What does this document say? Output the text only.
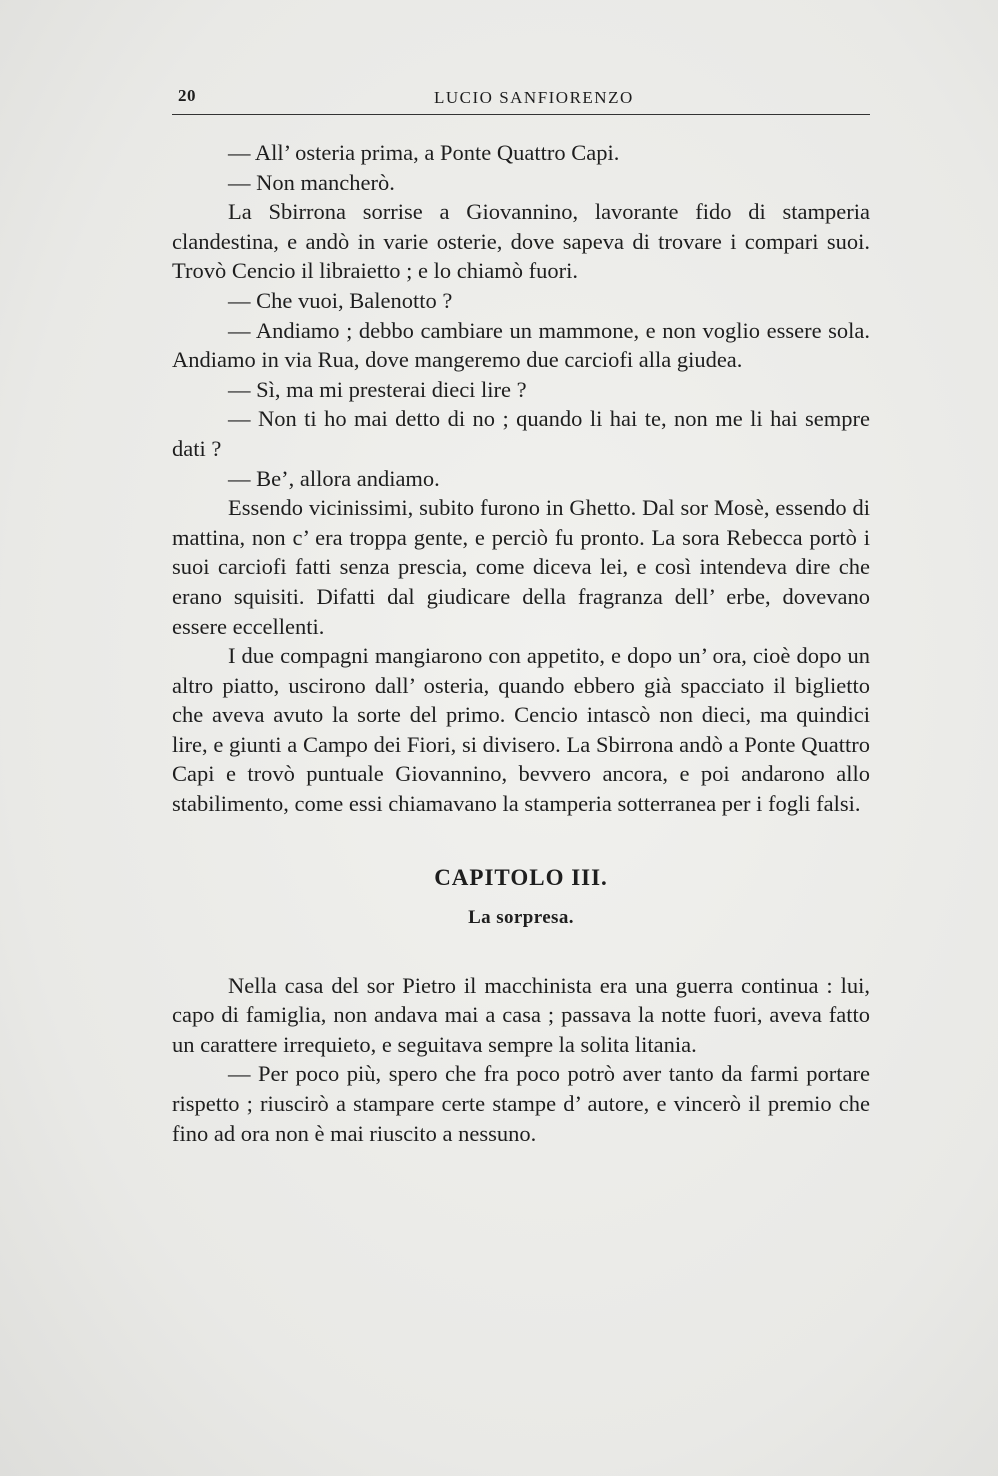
20	LUCIO SANFIORENZO

— All’ osteria prima, a Ponte Quattro Capi.

— Non mancherò.

La Sbirrona sorrise a Giovannino, lavorante fido di stamperia clandestina, e andò in varie osterie, dove sapeva di trovare i compari suoi. Trovò Cencio il libraietto ; e lo chiamò fuori.

— Che vuoi, Balenotto ?

— Andiamo ; debbo cambiare un mammone, e non voglio essere sola. Andiamo in via Rua, dove mangeremo due carciofi alla giudea.

— Sì, ma mi presterai dieci lire ?

— Non ti ho mai detto di no ; quando li hai te, non me li hai sempre dati ?

— Be’, allora andiamo.

Essendo vicinissimi, subito furono in Ghetto. Dal sor Mosè, essendo di mattina, non c’ era troppa gente, e perciò fu pronto. La sora Rebecca portò i suoi carciofi fatti senza prescia, come diceva lei, e così intendeva dire che erano squisiti. Difatti dal giudicare della fragranza dell’ erbe, dovevano essere eccellenti.

I due compagni mangiarono con appetito, e dopo un’ ora, cioè dopo un altro piatto, uscirono dall’ osteria, quando ebbero già spacciato il biglietto che aveva avuto la sorte del primo. Cencio intascò non dieci, ma quindici lire, e giunti a Campo dei Fiori, si divisero. La Sbirrona andò a Ponte Quattro Capi e trovò puntuale Giovannino, bevvero ancora, e poi andarono allo stabilimento, come essi chiamavano la stamperia sotterranea per i fogli falsi.

CAPITOLO III.
La sorpresa.

Nella casa del sor Pietro il macchinista era una guerra continua : lui, capo di famiglia, non andava mai a casa ; passava la notte fuori, aveva fatto un carattere irrequieto, e seguitava sempre la solita litania.

— Per poco più, spero che fra poco potrò aver tanto da farmi portare rispetto ; riuscirò a stampare certe stampe d’ autore, e vincerò il premio che fino ad ora non è mai riuscito a nessuno.
